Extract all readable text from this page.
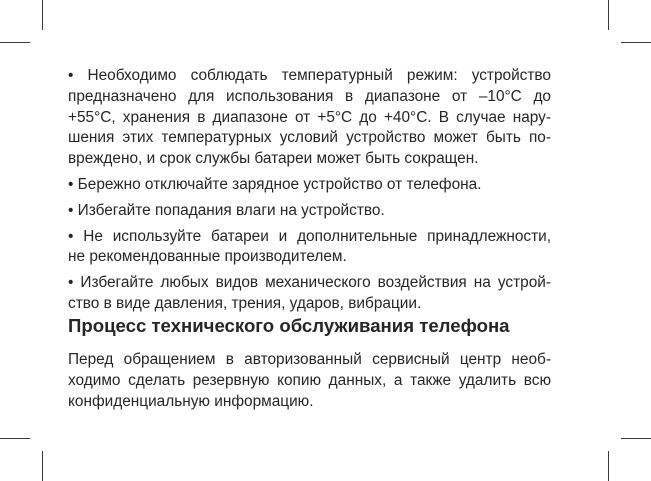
• Необходимо соблюдать температурный режим: устройство
предназначено для использования в диапазоне от –10°C до
+55°C, хранения в диапазоне от +5°C до +40°C. В случае нару-
шения этих температурных условий устройство может быть по-
вреждено, и срок службы батареи может быть сокращен.

• Бережно отключайте зарядное устройство от телефона.

• Избегайте попадания влаги на устройство.

• Не используйте батареи и дополнительные принадлежности,
не рекомендованные производителем.

• Избегайте любых видов механического воздействия на устрой-
ство в виде давления, трения, ударов, вибрации.

Процесс технического обслуживания телефона
Перед обращением в авторизованный сервисный центр необ-
ходимо сделать резервную копию данных, а также удалить всю
конфиденциальную информацию.
